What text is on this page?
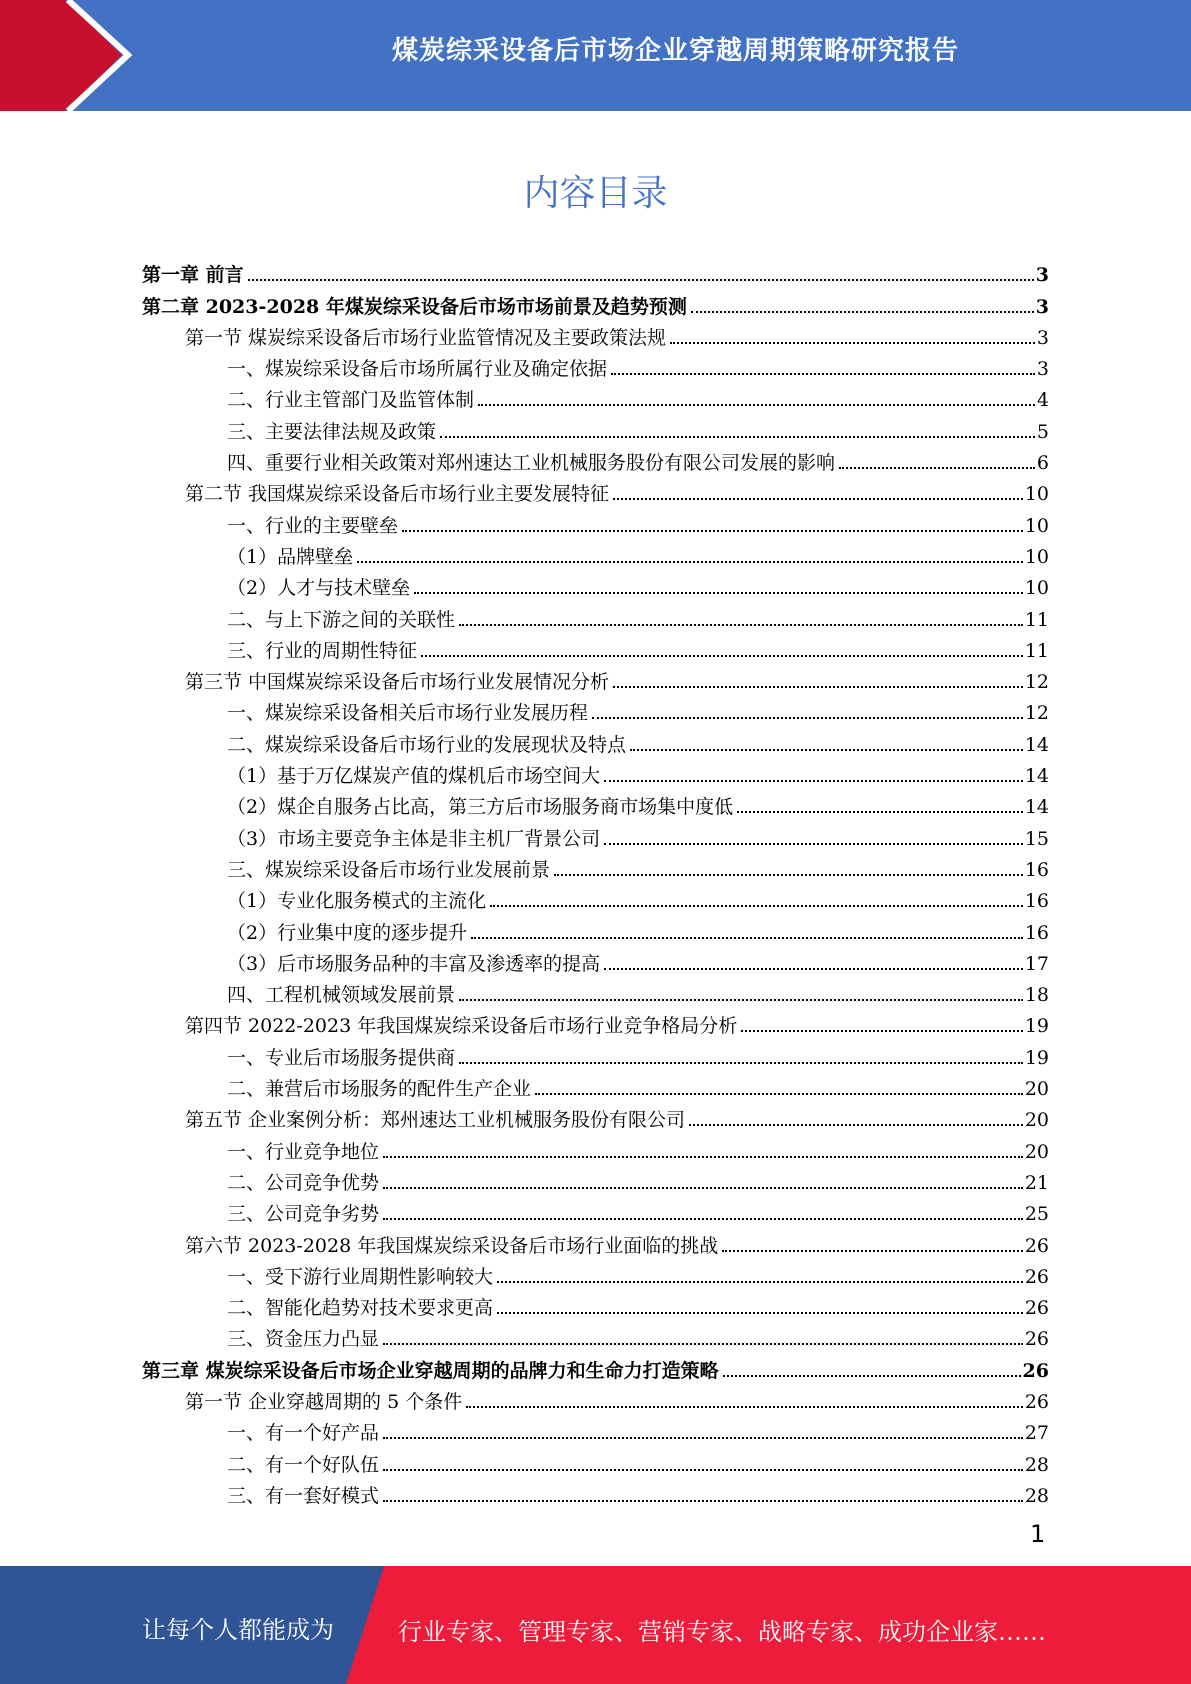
煤炭综采设备后市场企业穿越周期策略研究报告
内容目录
第一章 前言	3
第二章 2023-2028 年煤炭综采设备后市场市场前景及趋势预测	3
第一节 煤炭综采设备后市场行业监管情况及主要政策法规	3
一、煤炭综采设备后市场所属行业及确定依据	3
二、行业主管部门及监管体制	4
三、主要法律法规及政策	5
四、重要行业相关政策对郑州速达工业机械服务股份有限公司发展的影响	6
第二节 我国煤炭综采设备后市场行业主要发展特征	10
一、行业的主要壁垒	10
（1）品牌壁垒	10
（2）人才与技术壁垒	10
二、与上下游之间的关联性	11
三、行业的周期性特征	11
第三节 中国煤炭综采设备后市场行业发展情况分析	12
一、煤炭综采设备相关后市场行业发展历程	12
二、煤炭综采设备后市场行业的发展现状及特点	14
（1）基于万亿煤炭产值的煤机后市场空间大	14
（2）煤企自服务占比高，第三方后市场服务商市场集中度低	14
（3）市场主要竞争主体是非主机厂背景公司	15
三、煤炭综采设备后市场行业发展前景	16
（1）专业化服务模式的主流化	16
（2）行业集中度的逐步提升	16
（3）后市场服务品种的丰富及渗透率的提高	17
四、工程机械领域发展前景	18
第四节 2022-2023 年我国煤炭综采设备后市场行业竞争格局分析	19
一、专业后市场服务提供商	19
二、兼营后市场服务的配件生产企业	20
第五节 企业案例分析：郑州速达工业机械服务股份有限公司	20
一、行业竞争地位	20
二、公司竞争优势	21
三、公司竞争劣势	25
第六节 2023-2028 年我国煤炭综采设备后市场行业面临的挑战	26
一、受下游行业周期性影响较大	26
二、智能化趋势对技术要求更高	26
三、资金压力凸显	26
第三章 煤炭综采设备后市场企业穿越周期的品牌力和生命力打造策略	26
第一节 企业穿越周期的 5 个条件	26
一、有一个好产品	27
二、有一个好队伍	28
三、有一套好模式	28
1
让每个人都能成为	行业专家、管理专家、营销专家、战略专家、成功企业家……
